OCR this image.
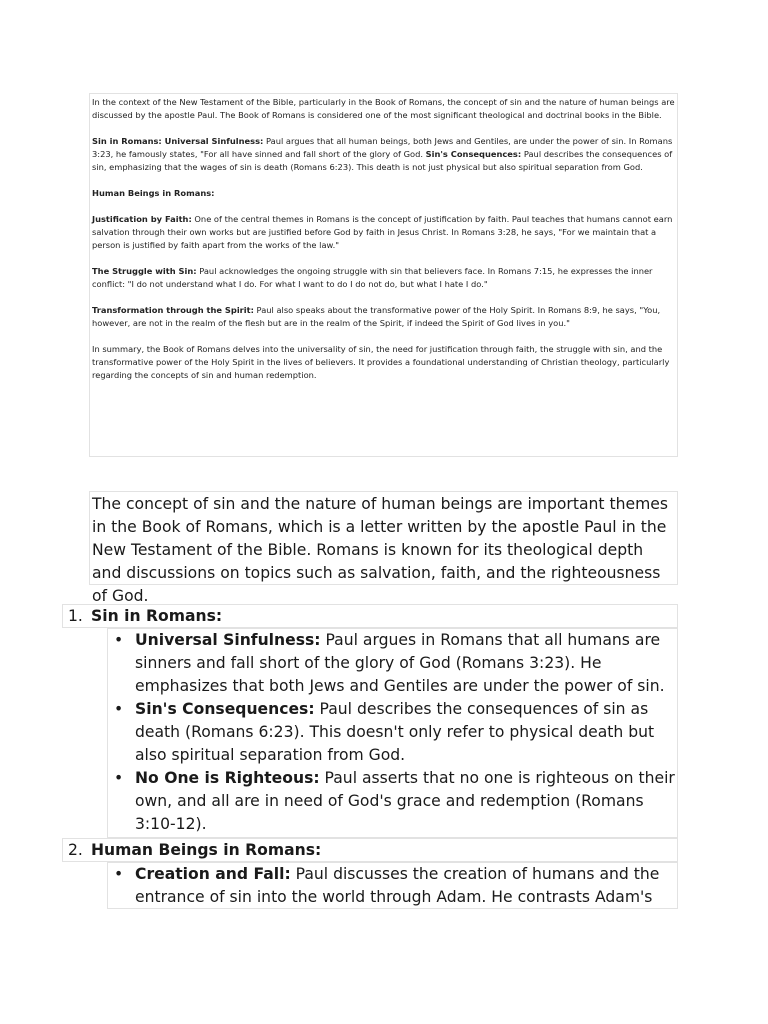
In the context of the New Testament of the Bible, particularly in the Book of Romans, the concept of sin and the nature of human beings are discussed by the apostle Paul. The Book of Romans is considered one of the most significant theological and doctrinal books in the Bible.

Sin in Romans: Universal Sinfulness: Paul argues that all human beings, both Jews and Gentiles, are under the power of sin. In Romans 3:23, he famously states, "For all have sinned and fall short of the glory of God. Sin's Consequences: Paul describes the consequences of sin, emphasizing that the wages of sin is death (Romans 6:23). This death is not just physical but also spiritual separation from God.

Human Beings in Romans:

Justification by Faith: One of the central themes in Romans is the concept of justification by faith. Paul teaches that humans cannot earn salvation through their own works but are justified before God by faith in Jesus Christ. In Romans 3:28, he says, "For we maintain that a person is justified by faith apart from the works of the law."

The Struggle with Sin: Paul acknowledges the ongoing struggle with sin that believers face. In Romans 7:15, he expresses the inner conflict: "I do not understand what I do. For what I want to do I do not do, but what I hate I do."

Transformation through the Spirit: Paul also speaks about the transformative power of the Holy Spirit. In Romans 8:9, he says, "You, however, are not in the realm of the flesh but are in the realm of the Spirit, if indeed the Spirit of God lives in you."

In summary, the Book of Romans delves into the universality of sin, the need for justification through faith, the struggle with sin, and the transformative power of the Holy Spirit in the lives of believers. It provides a foundational understanding of Christian theology, particularly regarding the concepts of sin and human redemption.

The concept of sin and the nature of human beings are important themes in the Book of Romans, which is a letter written by the apostle Paul in the New Testament of the Bible. Romans is known for its theological depth and discussions on topics such as salvation, faith, and the righteousness of God.
1. Sin in Romans:
• Universal Sinfulness: Paul argues in Romans that all humans are sinners and fall short of the glory of God (Romans 3:23). He emphasizes that both Jews and Gentiles are under the power of sin.
• Sin's Consequences: Paul describes the consequences of sin as death (Romans 6:23). This doesn't only refer to physical death but also spiritual separation from God.
• No One is Righteous: Paul asserts that no one is righteous on their own, and all are in need of God's grace and redemption (Romans 3:10-12).
2. Human Beings in Romans:
• Creation and Fall: Paul discusses the creation of humans and the entrance of sin into the world through Adam. He contrasts Adam's
